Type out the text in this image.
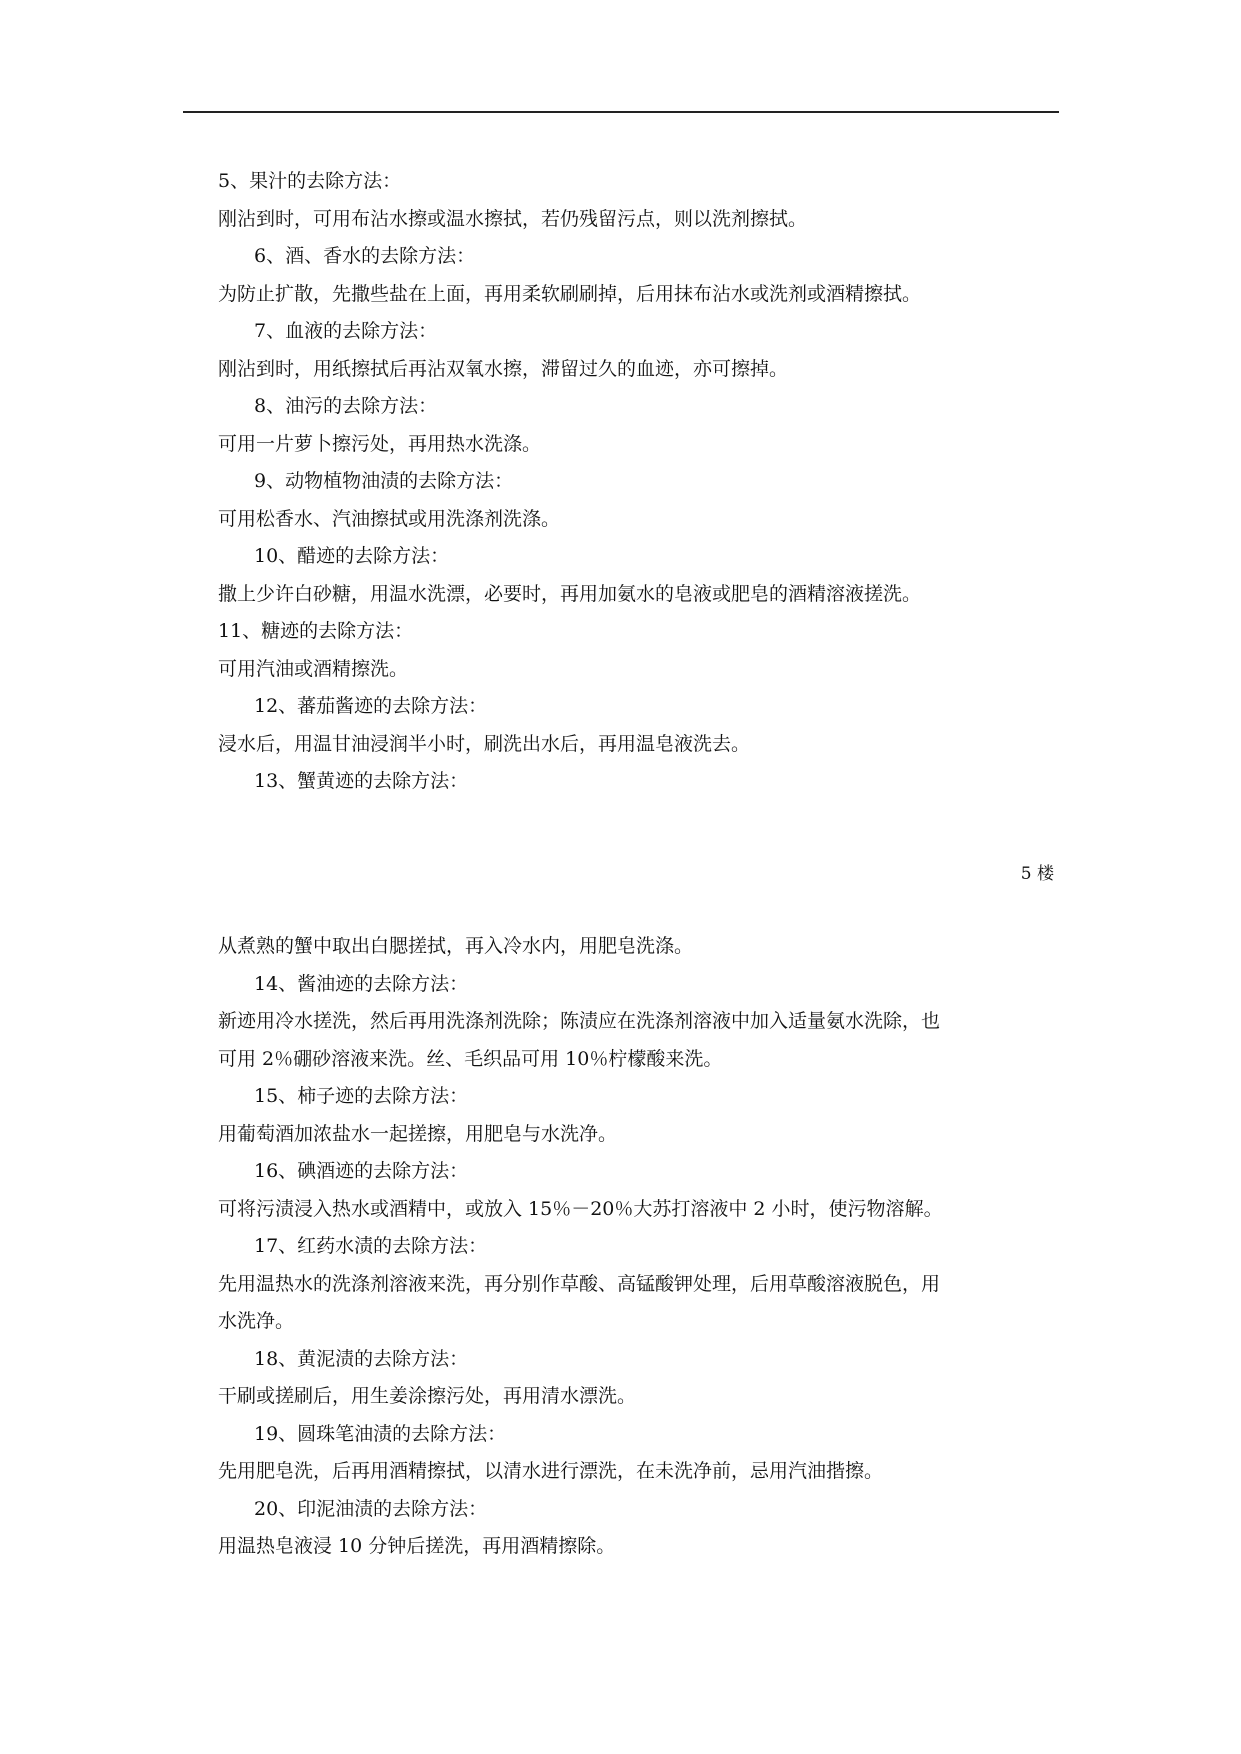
5、果汁的去除方法：
刚沾到时，可用布沾水擦或温水擦拭，若仍残留污点，则以洗剂擦拭。
6、酒、香水的去除方法：
为防止扩散，先撒些盐在上面，再用柔软刷刷掉，后用抹布沾水或洗剂或酒精擦拭。
7、血液的去除方法：
刚沾到时，用纸擦拭后再沾双氧水擦，滞留过久的血迹，亦可擦掉。
8、油污的去除方法：
可用一片萝卜擦污处，再用热水洗涤。
9、动物植物油渍的去除方法：
可用松香水、汽油擦拭或用洗涤剂洗涤。
10、醋迹的去除方法：
撒上少许白砂糖，用温水洗漂，必要时，再用加氨水的皂液或肥皂的酒精溶液搓洗。
11、糖迹的去除方法：
可用汽油或酒精擦洗。
12、蕃茄酱迹的去除方法：
浸水后，用温甘油浸润半小时，刷洗出水后，再用温皂液洗去。
13、蟹黄迹的去除方法：
5 楼
从煮熟的蟹中取出白腮搓拭，再入冷水内，用肥皂洗涤。
14、酱油迹的去除方法：
新迹用冷水搓洗，然后再用洗涤剂洗除；陈渍应在洗涤剂溶液中加入适量氨水洗除，也
可用 2％硼砂溶液来洗。丝、毛织品可用 10％柠檬酸来洗。
15、柿子迹的去除方法：
用葡萄酒加浓盐水一起搓擦，用肥皂与水洗净。
16、碘酒迹的去除方法：
可将污渍浸入热水或酒精中，或放入 15％－20％大苏打溶液中 2 小时，使污物溶解。
17、红药水渍的去除方法：
先用温热水的洗涤剂溶液来洗，再分别作草酸、高锰酸钾处理，后用草酸溶液脱色，用
水洗净。
18、黄泥渍的去除方法：
干刷或搓刷后，用生姜涂擦污处，再用清水漂洗。
19、圆珠笔油渍的去除方法：
先用肥皂洗，后再用酒精擦拭，以清水进行漂洗，在未洗净前，忌用汽油揩擦。
20、印泥油渍的去除方法：
用温热皂液浸 10 分钟后搓洗，再用酒精擦除。
